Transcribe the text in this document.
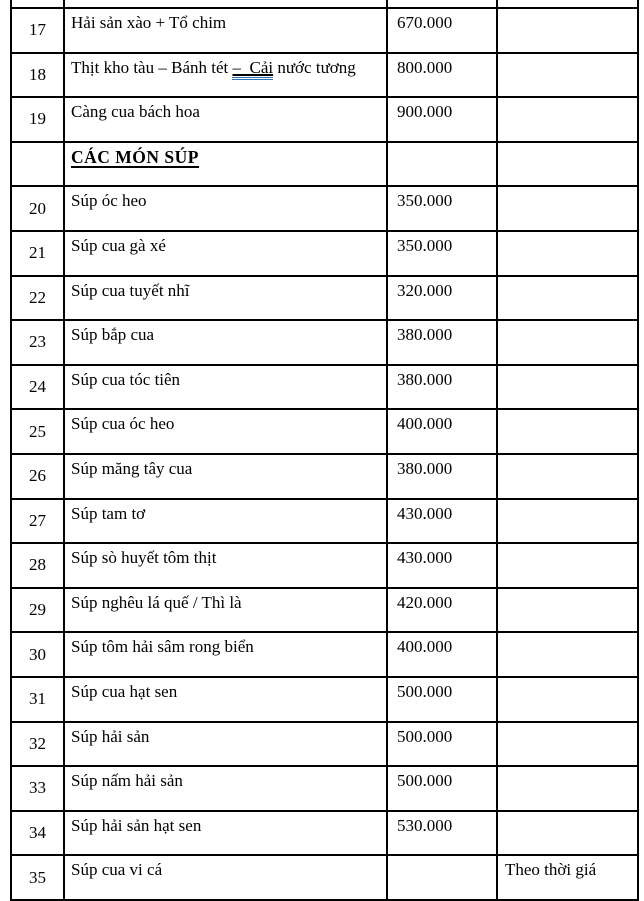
17	Hải sản xào + Tổ chim	670.000	
18	Thịt kho tàu – Bánh tét –  Cải nước tương	800.000	
19	Càng cua bách hoa	900.000	
	CÁC MÓN SÚP		
20	Súp óc heo	350.000	
21	Súp cua gà xé	350.000	
22	Súp cua tuyết nhĩ	320.000	
23	Súp bắp cua	380.000	
24	Súp cua tóc tiên	380.000	
25	Súp cua óc heo	400.000	
26	Súp măng tây cua	380.000	
27	Súp tam tơ	430.000	
28	Súp sò huyết tôm thịt	430.000	
29	Súp nghêu lá quế / Thì là	420.000	
30	Súp tôm hải sâm rong biển	400.000	
31	Súp cua hạt sen	500.000	
32	Súp hải sản	500.000	
33	Súp nấm hải sản	500.000	
34	Súp hải sản hạt sen	530.000	
35	Súp cua vi cá		Theo thời giá
